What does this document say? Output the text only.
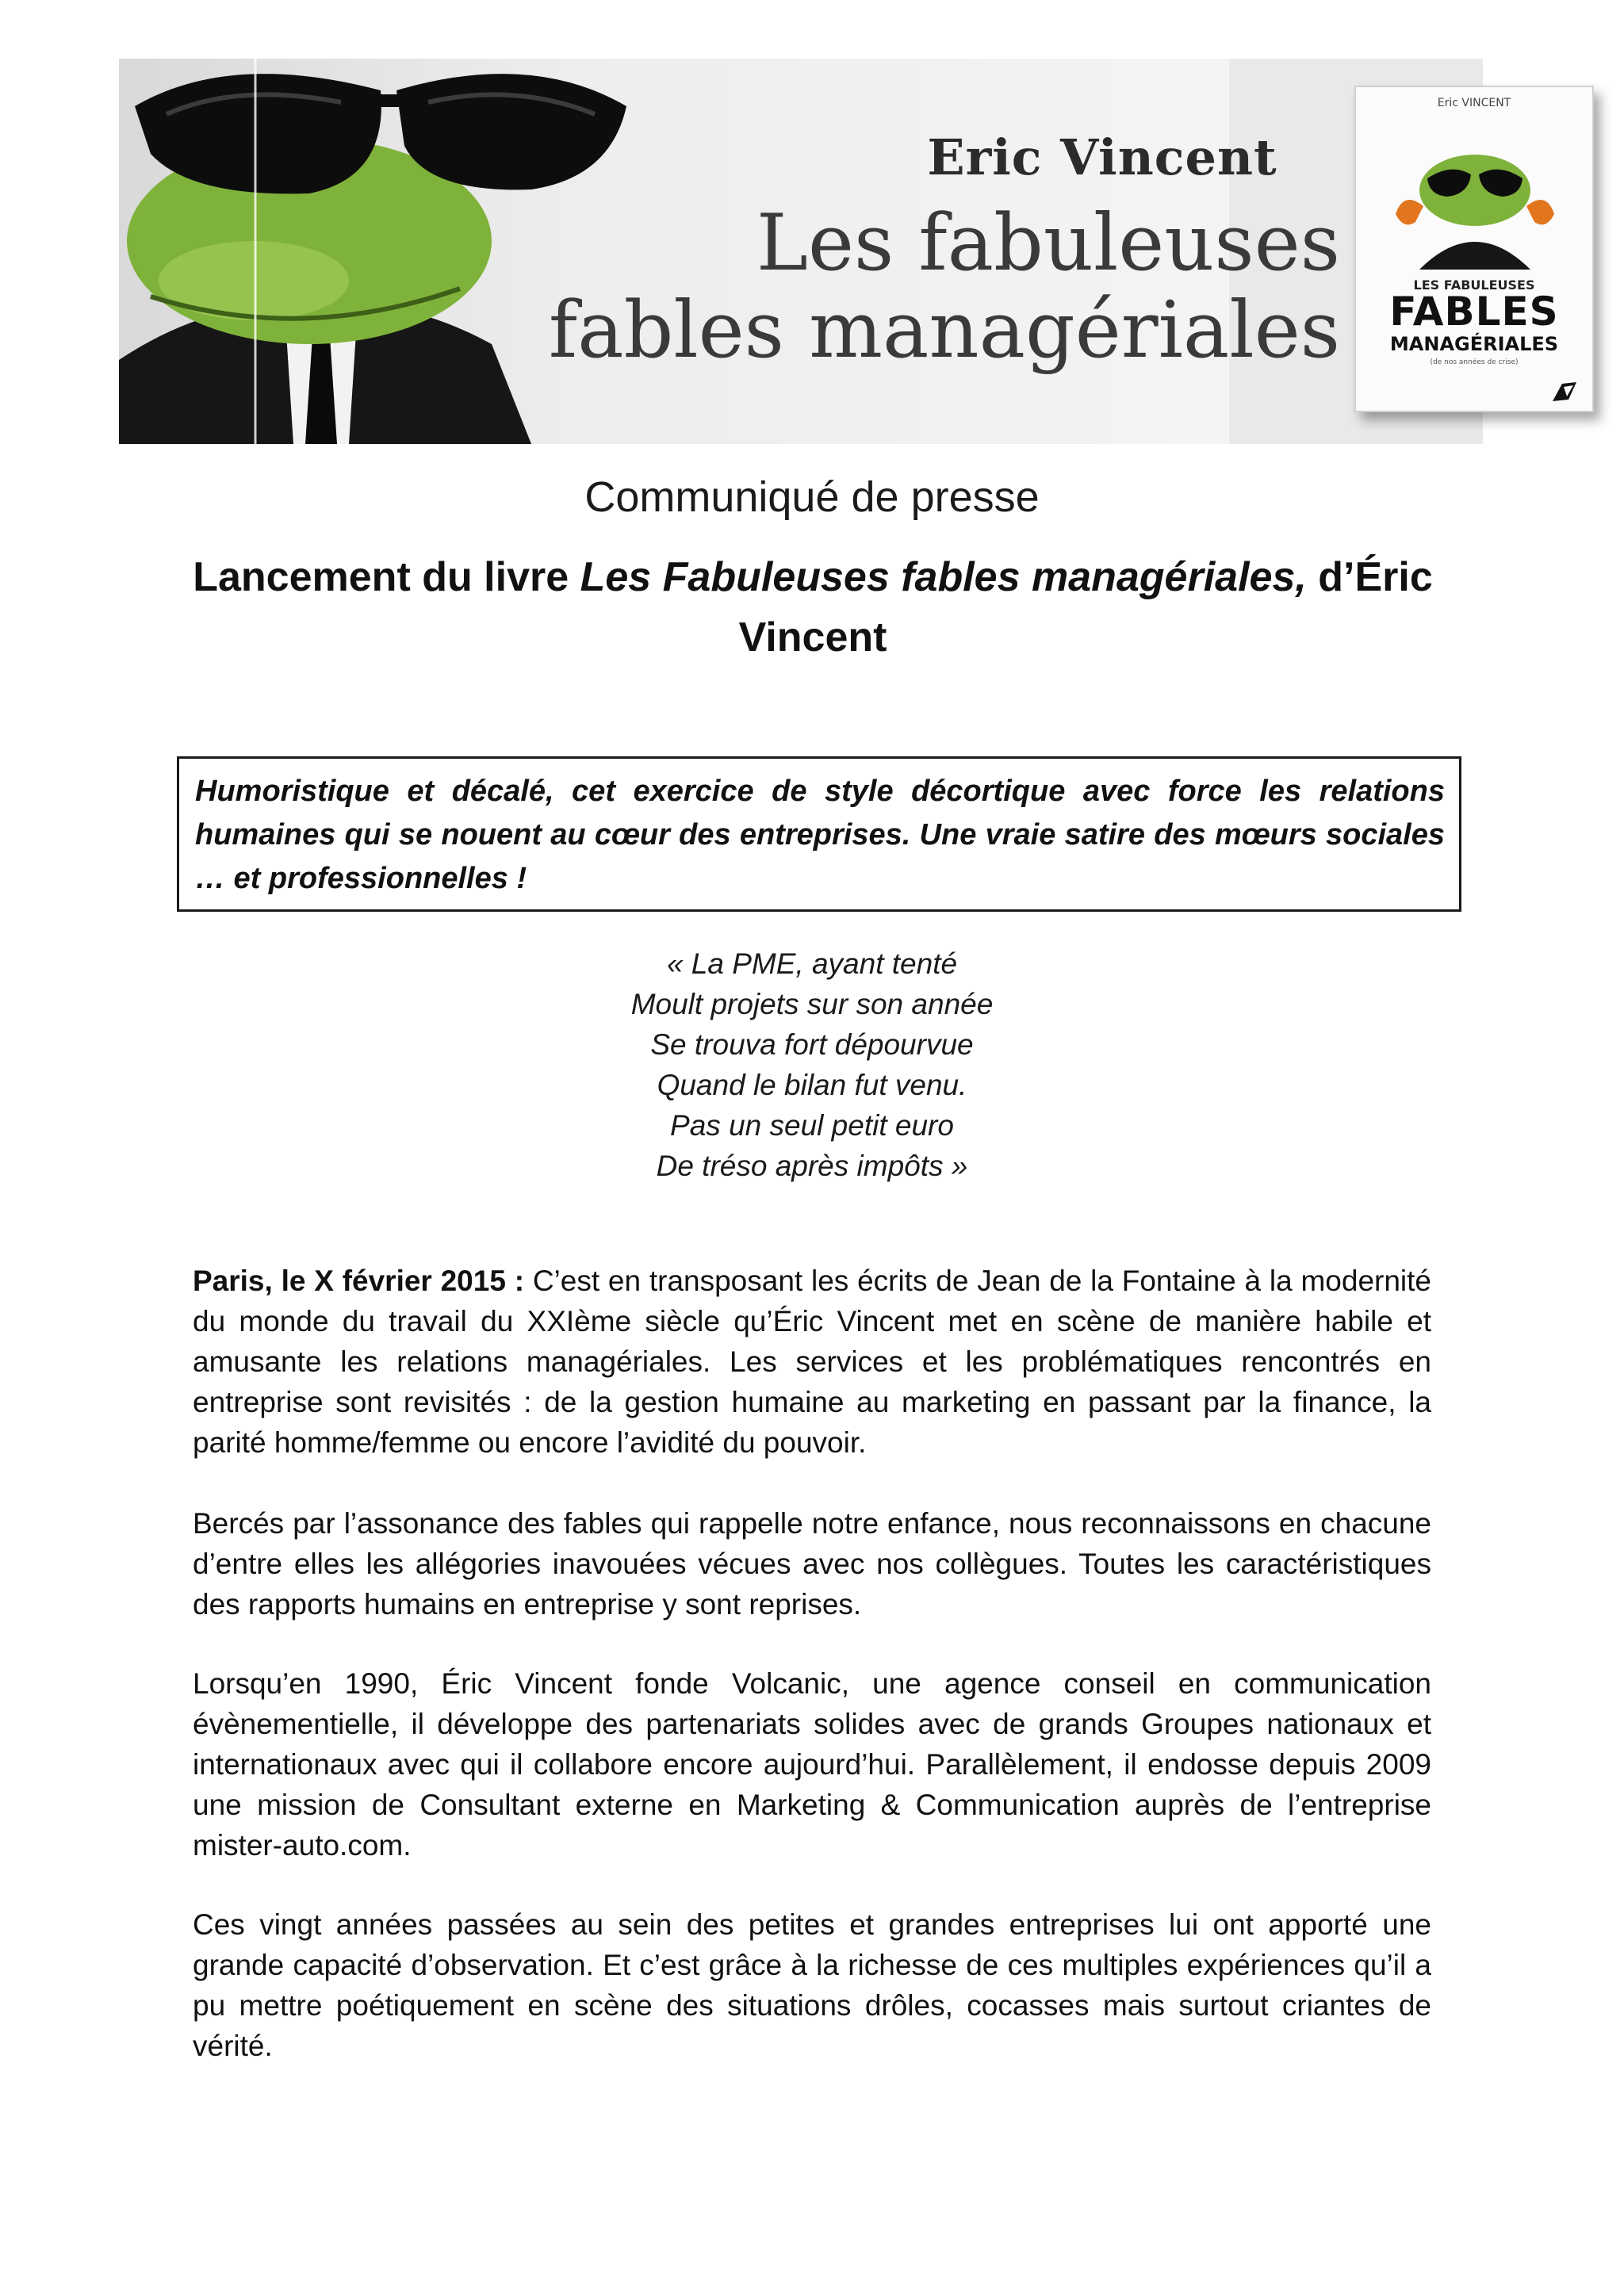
Eric Vincent
Les fabuleuses
fables managériales
Eric VINCENT
LES FABULEUSES
FABLES
MANAGÉRIALES
(de nos années de crise)
Communiqué de presse
Lancement du livre Les Fabuleuses fables managériales, d’Éric Vincent

Humoristique et décalé, cet exercice de style décortique avec force les relations humaines qui se nouent au cœur des entreprises. Une vraie satire des mœurs sociales … et professionnelles !

« La PME, ayant tenté
Moult projets sur son année
Se trouva fort dépourvue
Quand le bilan fut venu.
Pas un seul petit euro
De tréso après impôts »

Paris, le X février 2015 : C’est en transposant les écrits de Jean de la Fontaine à la modernité du monde du travail du XXIème siècle qu’Éric Vincent met en scène de manière habile et amusante les relations managériales. Les services et les problématiques rencontrés en entreprise sont revisités : de la gestion humaine au marketing en passant par la finance, la parité homme/femme ou encore l’avidité du pouvoir.

Bercés par l’assonance des fables qui rappelle notre enfance, nous reconnaissons en chacune d’entre elles les allégories inavouées vécues avec nos collègues. Toutes les caractéristiques des rapports humains en entreprise y sont reprises.

Lorsqu’en 1990, Éric Vincent fonde Volcanic, une agence conseil en communication évènementielle, il développe des partenariats solides avec de grands Groupes nationaux et internationaux avec qui il collabore encore aujourd’hui. Parallèlement, il endosse depuis 2009 une mission de Consultant externe en Marketing & Communication auprès de l’entreprise mister-auto.com.

Ces vingt années passées au sein des petites et grandes entreprises lui ont apporté une grande capacité d’observation. Et c’est grâce à la richesse de ces multiples expériences qu’il a pu mettre poétiquement en scène des situations drôles, cocasses mais surtout criantes de vérité.
